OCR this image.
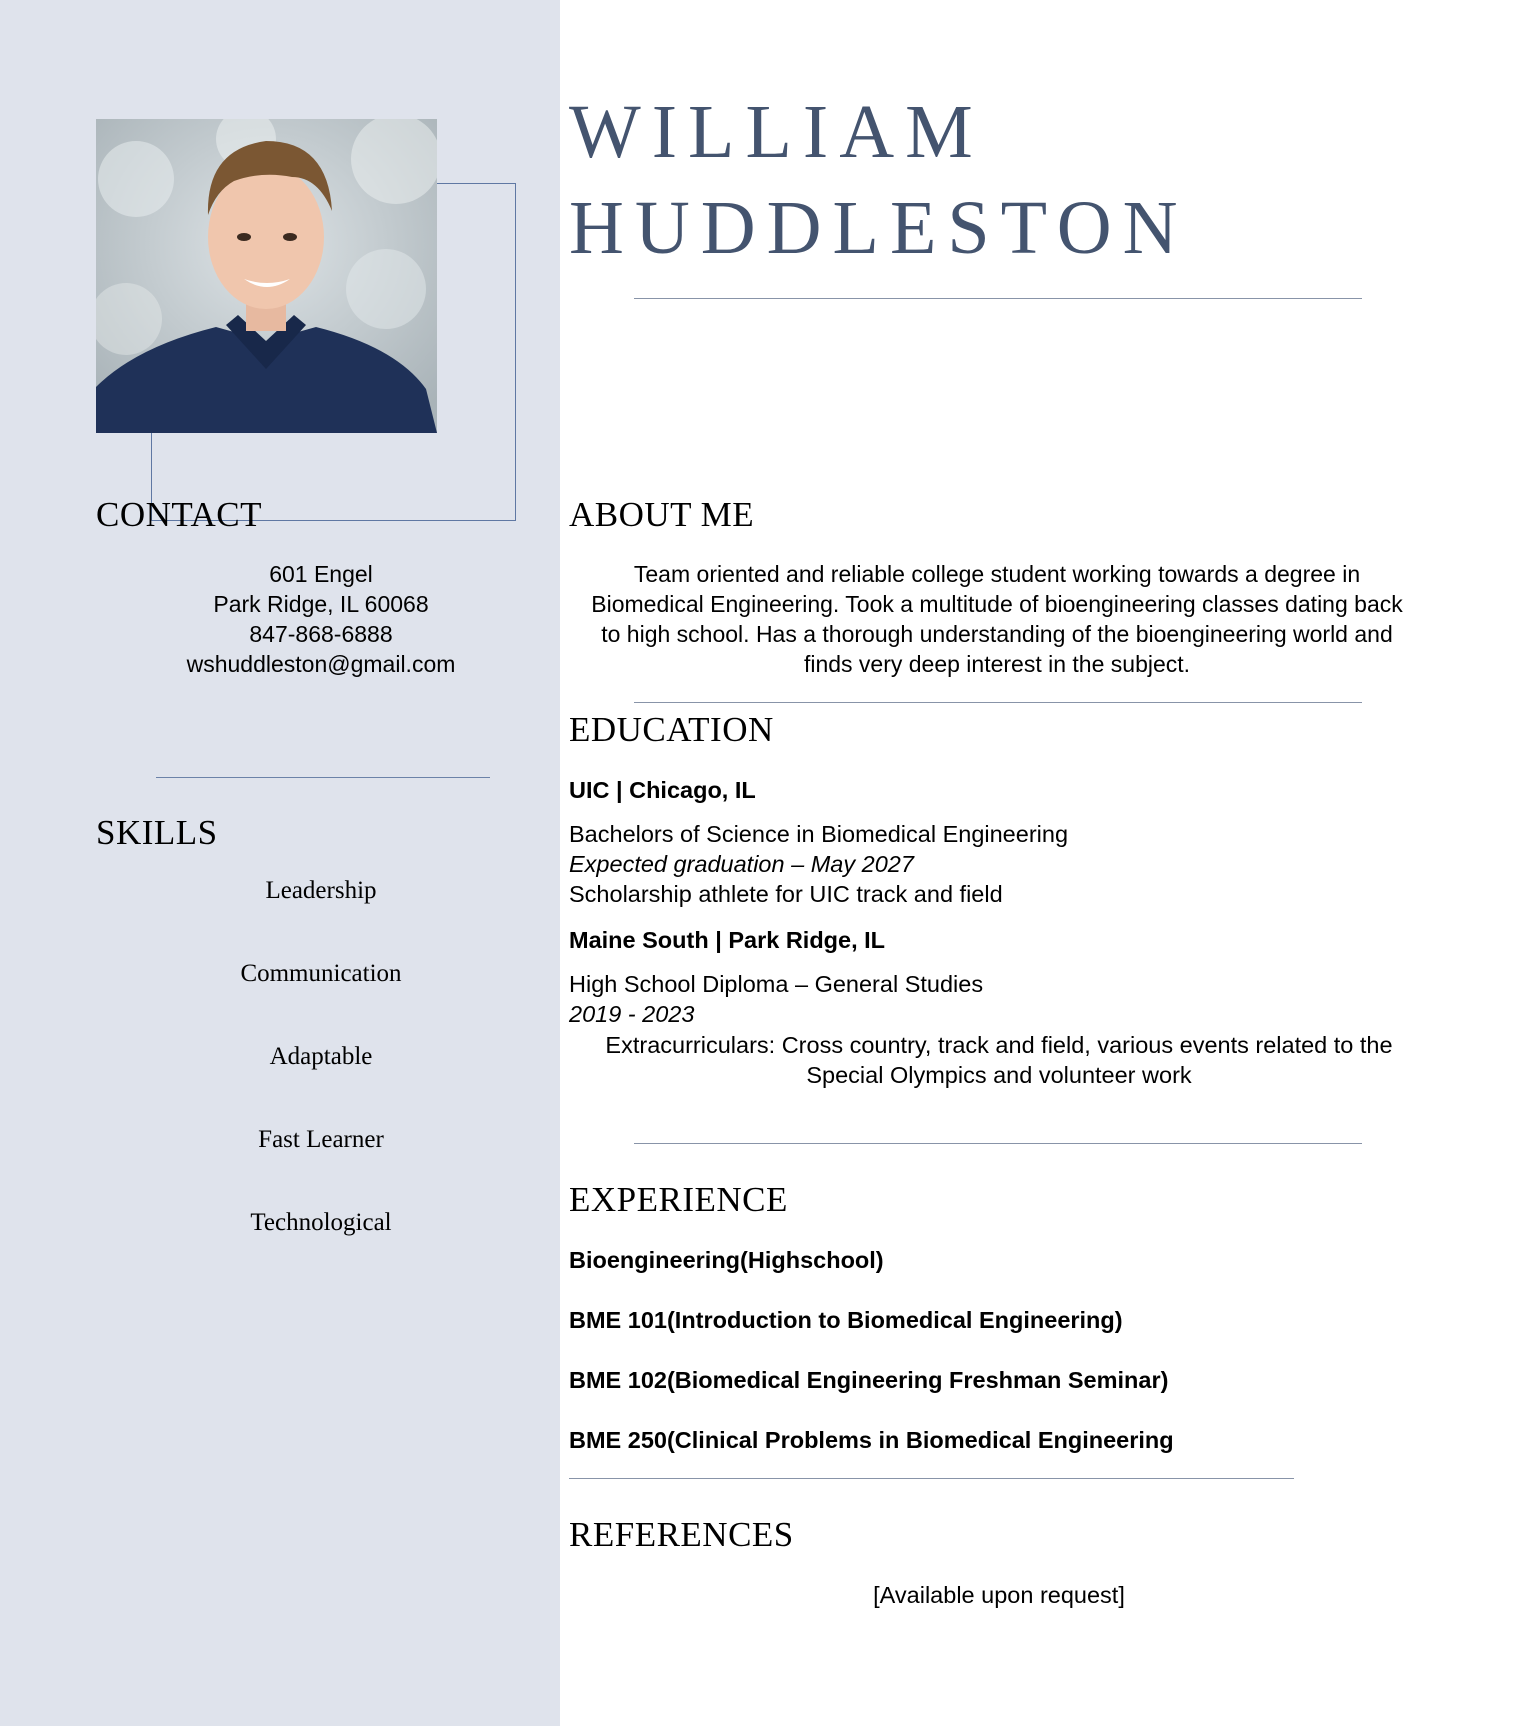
CONTACT
601 Engel
Park Ridge, IL 60068
847-868-6888
wshuddleston@gmail.com
SKILLS
Leadership
Communication
Adaptable
Fast Learner
Technological
WILLIAM
HUDDLESTON
ABOUT ME

Team oriented and reliable college student working towards a degree in Biomedical Engineering. Took a multitude of bioengineering classes dating back to high school. Has a thorough understanding of the bioengineering world and finds very deep interest in the subject.

EDUCATION
UIC | Chicago, IL
Bachelors of Science in Biomedical Engineering
Expected graduation – May 2027
Scholarship athlete for UIC track and field
Maine South | Park Ridge, IL
High School Diploma – General Studies
2019 - 2023
Extracurriculars: Cross country, track and field, various events related to the Special Olympics and volunteer work
EXPERIENCE
Bioengineering(Highschool)
BME 101(Introduction to Biomedical Engineering)
BME 102(Biomedical Engineering Freshman Seminar)
BME 250(Clinical Problems in Biomedical Engineering
REFERENCES
[Available upon request]
